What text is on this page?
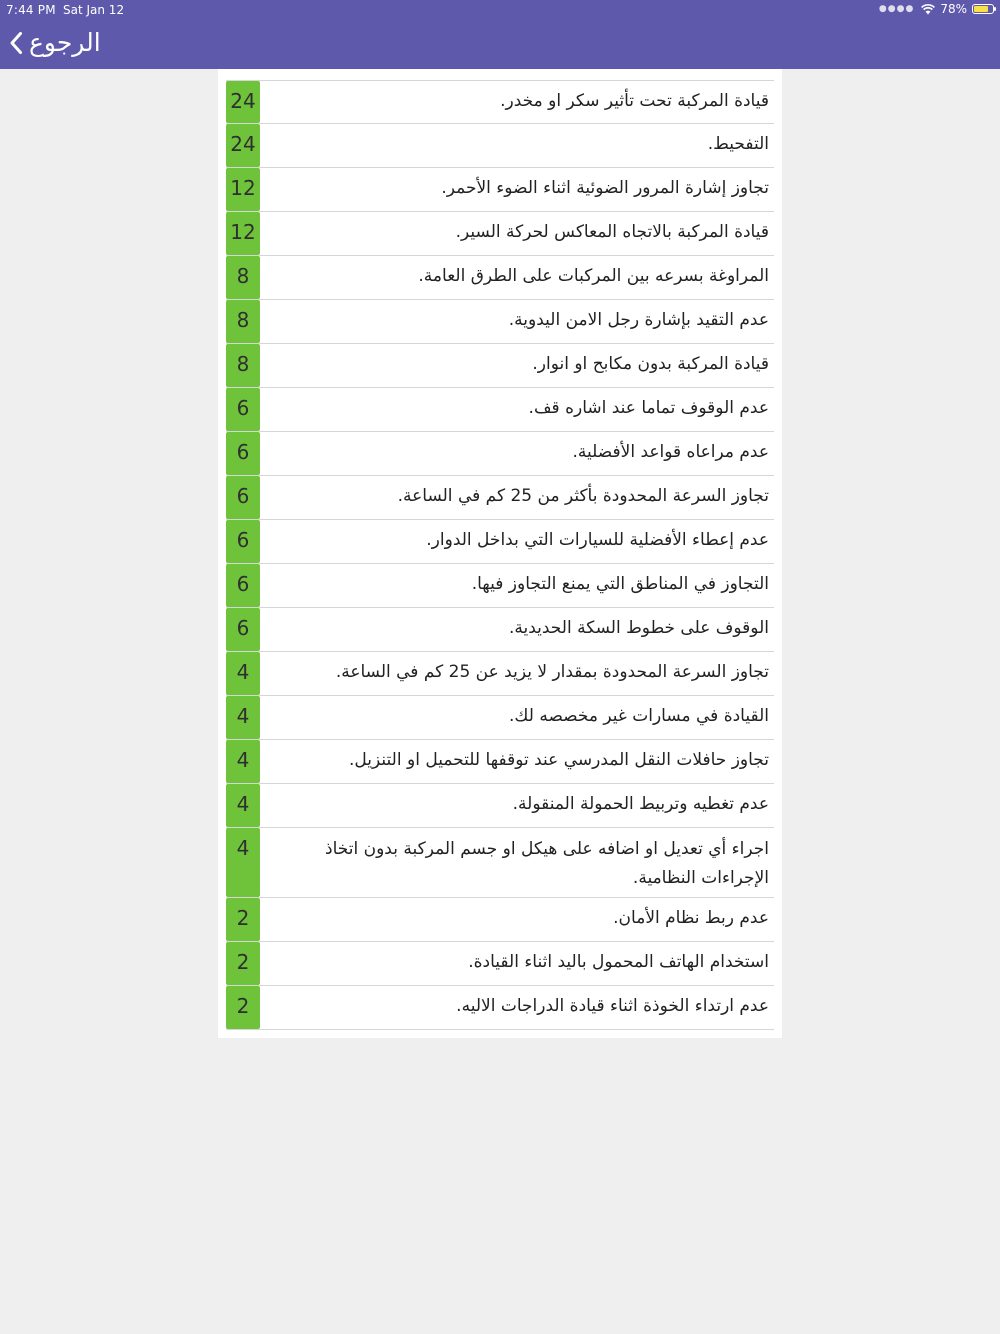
7:44 PM Sat Jan 12	●●●● 78%
الرجوع
24	قيادة المركبة تحت تأثير سكر او مخدر.
24	التفحيط.
12	تجاوز إشارة المرور الضوئية اثناء الضوء الأحمر.
12	قيادة المركبة بالاتجاه المعاكس لحركة السير.
8	المراوغة بسرعه بين المركبات على الطرق العامة.
8	عدم التقيد بإشارة رجل الامن اليدوية.
8	قيادة المركبة بدون مكابح او انوار.
6	عدم الوقوف تماما عند اشاره قف.
6	عدم مراعاه قواعد الأفضلية.
6	تجاوز السرعة المحدودة بأكثر من 25 كم في الساعة.
6	عدم إعطاء الأفضلية للسيارات التي بداخل الدوار.
6	التجاوز في المناطق التي يمنع التجاوز فيها.
6	الوقوف على خطوط السكة الحديدية.
4	تجاوز السرعة المحدودة بمقدار لا يزيد عن 25 كم في الساعة.
4	القيادة في مسارات غير مخصصه لك.
4	تجاوز حافلات النقل المدرسي عند توقفها للتحميل او التنزيل.
4	عدم تغطيه وتربيط الحمولة المنقولة.
4	اجراء أي تعديل او اضافه على هيكل او جسم المركبة بدون اتخاذ الإجراءات النظامية.
2	عدم ربط نظام الأمان.
2	استخدام الهاتف المحمول باليد اثناء القيادة.
2	عدم ارتداء الخوذة اثناء قيادة الدراجات الاليه.
